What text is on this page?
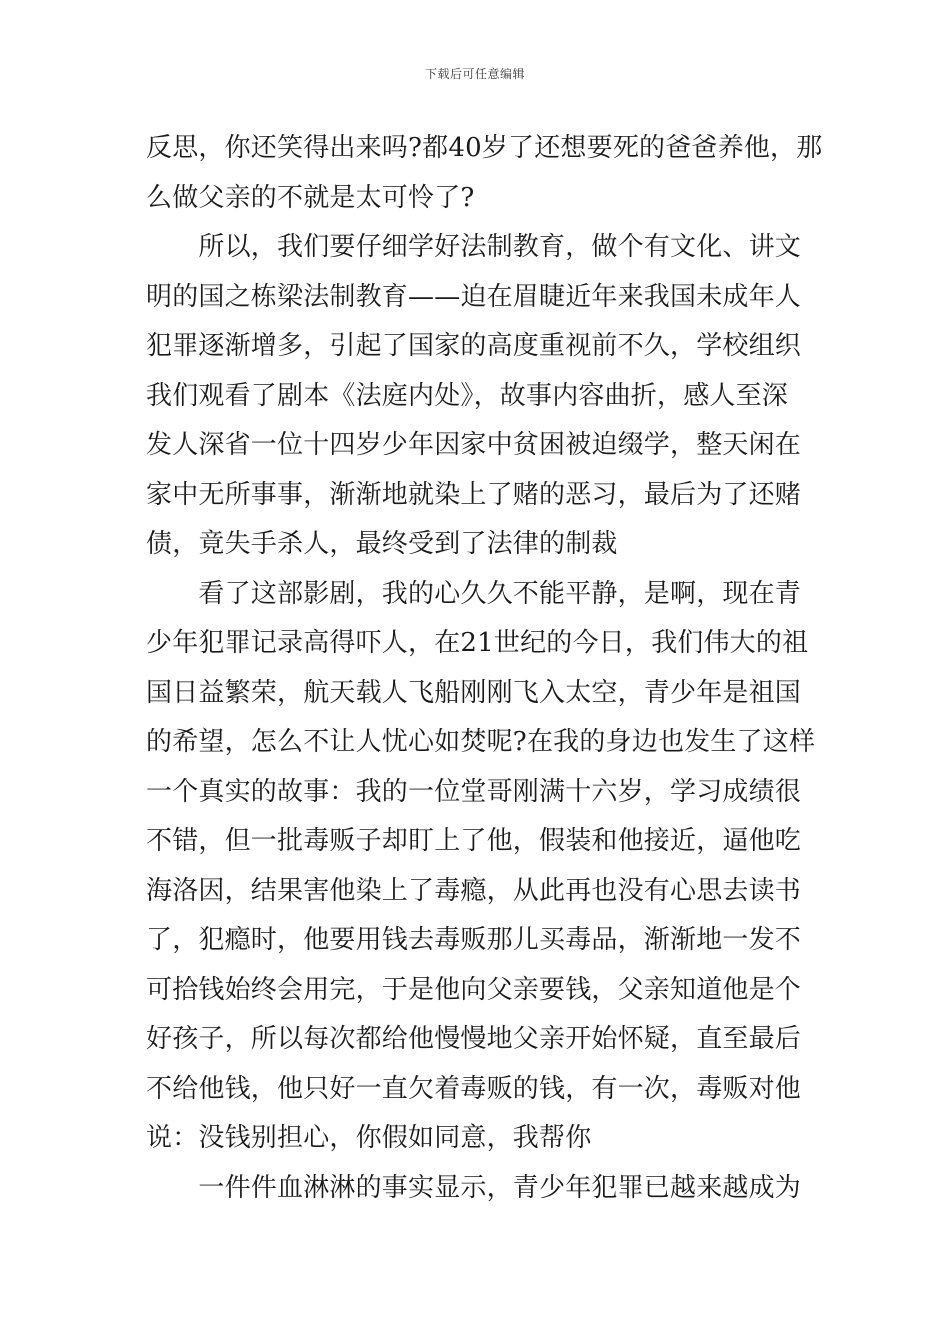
下载后可任意编辑
反思，你还笑得出来吗?都40岁了还想要死的爸爸养他，那
么做父亲的不就是太可怜了?
　　所以，我们要仔细学好法制教育，做个有文化、讲文
明的国之栋梁法制教育——迫在眉睫近年来我国未成年人
犯罪逐渐增多，引起了国家的高度重视前不久，学校组织
我们观看了剧本《法庭内处》，故事内容曲折，感人至深
发人深省一位十四岁少年因家中贫困被迫缀学，整天闲在
家中无所事事，渐渐地就染上了赌的恶习，最后为了还赌
债，竟失手杀人，最终受到了法律的制裁
　　看了这部影剧，我的心久久不能平静，是啊，现在青
少年犯罪记录高得吓人，在21世纪的今日，我们伟大的祖
国日益繁荣，航天载人飞船刚刚飞入太空，青少年是祖国
的希望，怎么不让人忧心如焚呢?在我的身边也发生了这样
一个真实的故事：我的一位堂哥刚满十六岁，学习成绩很
不错，但一批毒贩子却盯上了他，假装和他接近，逼他吃
海洛因，结果害他染上了毒瘾，从此再也没有心思去读书
了，犯瘾时，他要用钱去毒贩那儿买毒品，渐渐地一发不
可拾钱始终会用完，于是他向父亲要钱，父亲知道他是个
好孩子，所以每次都给他慢慢地父亲开始怀疑，直至最后
不给他钱，他只好一直欠着毒贩的钱，有一次，毒贩对他
说：没钱别担心，你假如同意，我帮你
　　一件件血淋淋的事实显示，青少年犯罪已越来越成为
